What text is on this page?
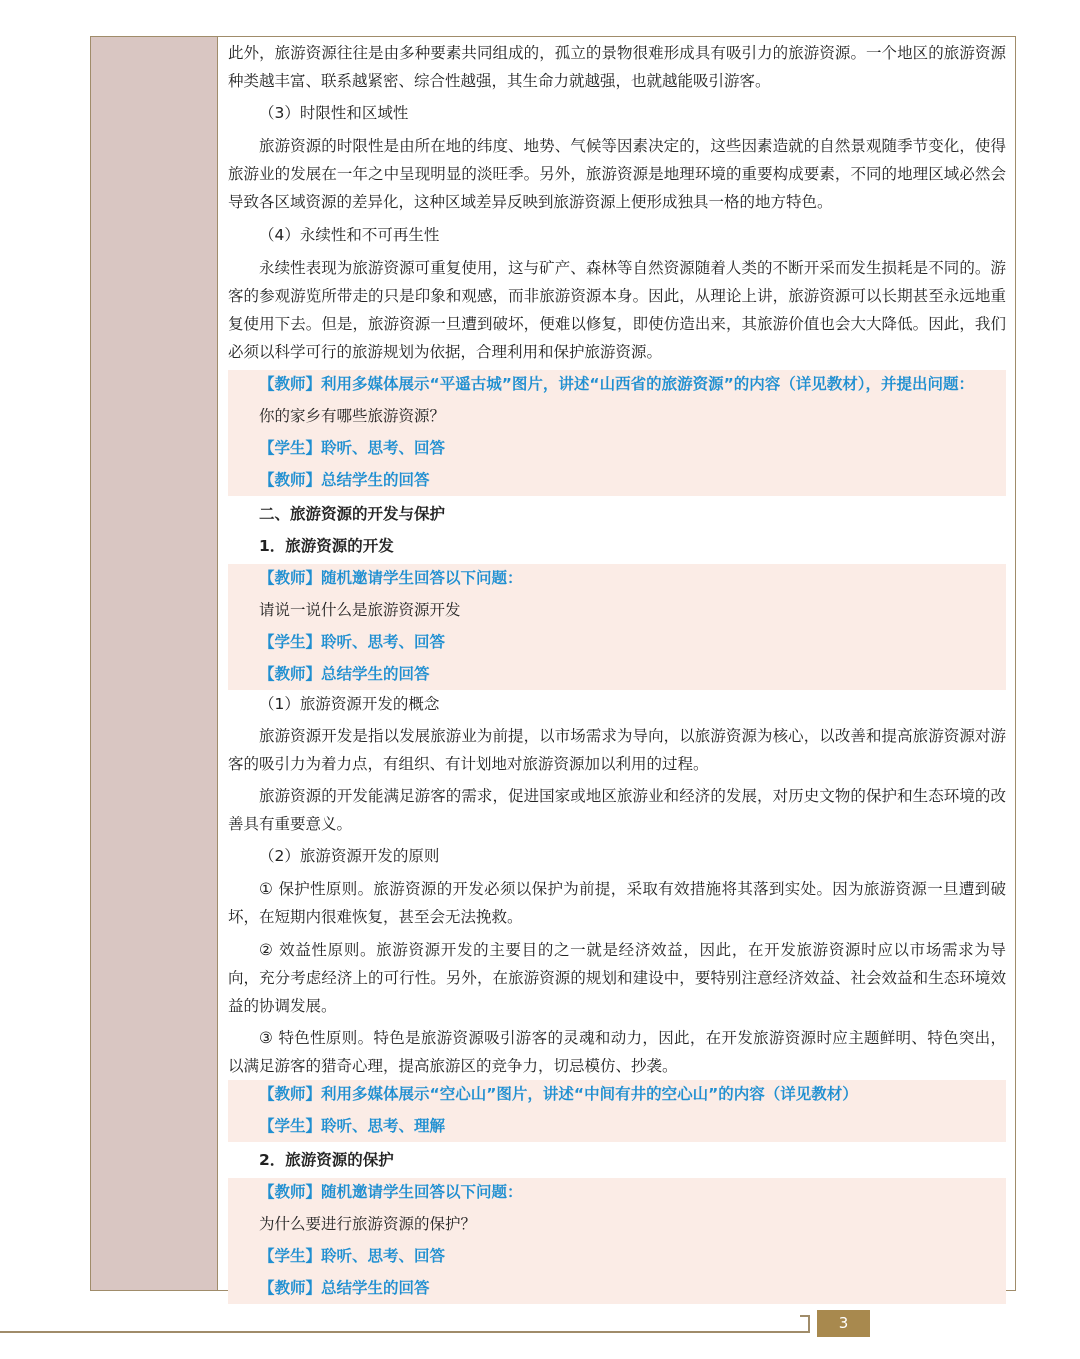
此外，旅游资源往往是由多种要素共同组成的，孤立的景物很难形成具有吸引力的旅游资源。一个地区的旅游资源种类越丰富、联系越紧密、综合性越强，其生命力就越强，也就越能吸引游客。

（3）时限性和区域性

旅游资源的时限性是由所在地的纬度、地势、气候等因素决定的，这些因素造就的自然景观随季节变化，使得旅游业的发展在一年之中呈现明显的淡旺季。另外，旅游资源是地理环境的重要构成要素，不同的地理区域必然会导致各区域资源的差异化，这种区域差异反映到旅游资源上便形成独具一格的地方特色。

（4）永续性和不可再生性

永续性表现为旅游资源可重复使用，这与矿产、森林等自然资源随着人类的不断开采而发生损耗是不同的。游客的参观游览所带走的只是印象和观感，而非旅游资源本身。因此，从理论上讲，旅游资源可以长期甚至永远地重复使用下去。但是，旅游资源一旦遭到破坏，便难以修复，即使仿造出来，其旅游价值也会大大降低。因此，我们必须以科学可行的旅游规划为依据，合理利用和保护旅游资源。

【教师】利用多媒体展示“平遥古城”图片，讲述“山西省的旅游资源”的内容（详见教材），并提出问题：

你的家乡有哪些旅游资源？

【学生】聆听、思考、回答

【教师】总结学生的回答

二、旅游资源的开发与保护

1．旅游资源的开发

【教师】随机邀请学生回答以下问题：

请说一说什么是旅游资源开发

【学生】聆听、思考、回答

【教师】总结学生的回答

（1）旅游资源开发的概念

旅游资源开发是指以发展旅游业为前提，以市场需求为导向，以旅游资源为核心，以改善和提高旅游资源对游客的吸引力为着力点，有组织、有计划地对旅游资源加以利用的过程。

旅游资源的开发能满足游客的需求，促进国家或地区旅游业和经济的发展，对历史文物的保护和生态环境的改善具有重要意义。

（2）旅游资源开发的原则

① 保护性原则。旅游资源的开发必须以保护为前提，采取有效措施将其落到实处。因为旅游资源一旦遭到破坏，在短期内很难恢复，甚至会无法挽救。

② 效益性原则。旅游资源开发的主要目的之一就是经济效益，因此，在开发旅游资源时应以市场需求为导向，充分考虑经济上的可行性。另外，在旅游资源的规划和建设中，要特别注意经济效益、社会效益和生态环境效益的协调发展。

③ 特色性原则。特色是旅游资源吸引游客的灵魂和动力，因此，在开发旅游资源时应主题鲜明、特色突出，以满足游客的猎奇心理，提高旅游区的竞争力，切忌模仿、抄袭。

【教师】利用多媒体展示“空心山”图片，讲述“中间有井的空心山”的内容（详见教材）

【学生】聆听、思考、理解

2．旅游资源的保护

【教师】随机邀请学生回答以下问题：

为什么要进行旅游资源的保护？

【学生】聆听、思考、回答

【教师】总结学生的回答

3
